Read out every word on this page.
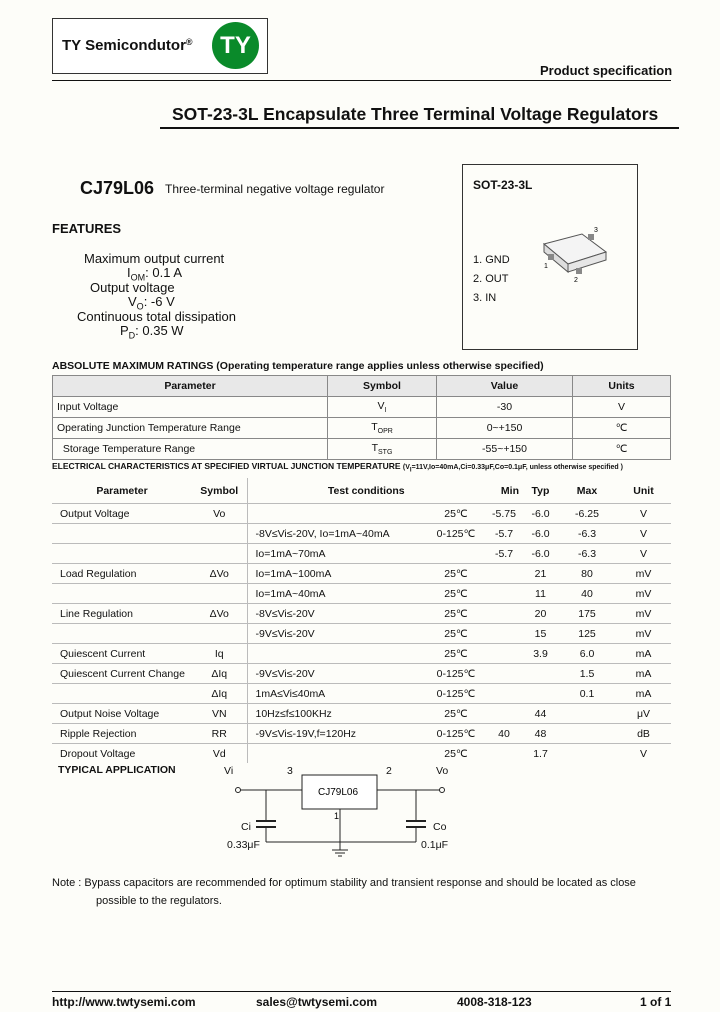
TY Semicondutor®	TY
Product specification
SOT-23-3L Encapsulate Three Terminal Voltage Regulators
CJ79L06 Three-terminal negative voltage regulator
FEATURES
Maximum output current
$I_{OM}$: 0.1 A
Output voltage
$V_O$: -6 V
Continuous total dissipation
$P_D$: 0.35 W
SOT-23-3L
1. GND
2. OUT
3. IN
1
2
3
ABSOLUTE MAXIMUM RATINGS (Operating temperature range applies unless otherwise specified)
Parameter	Symbol	Value	Units
Input Voltage	$V_I$	-30	V
Operating Junction Temperature Range	$T_{OPR}$	0~+150	℃
Storage Temperature Range	$T_{STG}$	-55~+150	℃
ELECTRICAL CHARACTERISTICS AT SPECIFIED VIRTUAL JUNCTION TEMPERATURE ($V_I=11V,Io=40mA,Ci=0.33\mu F,Co=0.1\mu F$, unless otherwise specified )
Parameter	Symbol	Test conditions		Min	Typ	Max	Unit
Output Voltage	Vo		25℃	-5.75	-6.0	-6.25	V
		-8V≤Vi≤-20V, Io=1mA~40mA	0-125℃	-5.7	-6.0	-6.3	V
		Io=1mA~70mA		-5.7	-6.0	-6.3	V
Load Regulation	ΔVo	Io=1mA~100mA	25℃		21	80	mV
		Io=1mA~40mA	25℃		11	40	mV
Line Regulation	ΔVo	-8V≤Vi≤-20V	25℃		20	175	mV
		-9V≤Vi≤-20V	25℃		15	125	mV
Quiescent Current	Iq		25℃		3.9	6.0	mA
Quiescent Current Change	ΔIq	-9V≤Vi≤-20V	0-125℃			1.5	mA
	ΔIq	1mA≤Vi≤40mA	0-125℃			0.1	mA
Output Noise Voltage	VN	10Hz≤f≤100KHz	25℃		44		μV
Ripple Rejection	RR	-9V≤Vi≤-19V,f=120Hz	0-125℃	40	48		dB
Dropout Voltage	Vd		25℃		1.7		V
TYPICAL APPLICATION	Vi	3	2	Vo
CJ79L06
1
Ci
0.33μF
Co
0.1μF
Note : Bypass capacitors are recommended for optimum stability and transient response and should be located as close
possible to the regulators.
http://www.twtysemi.com	sales@twtysemi.com	4008-318-123	1 of 1
